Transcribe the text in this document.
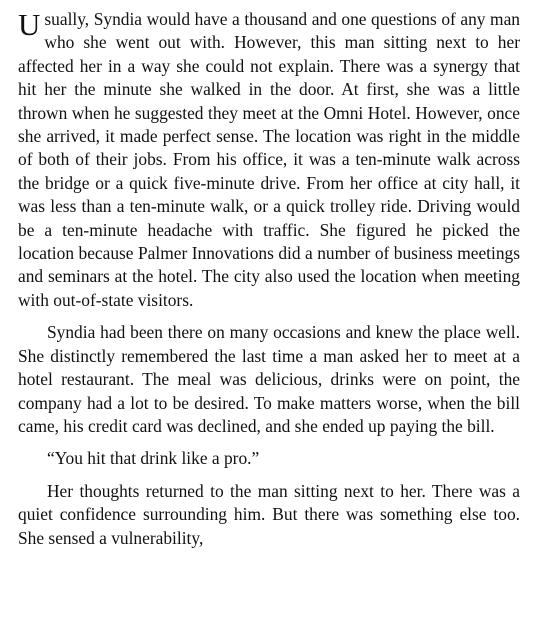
Usually, Syndia would have a thousand and one questions of any man who she went out with. However, this man sitting next to her affected her in a way she could not explain. There was a synergy that hit her the minute she walked in the door. At first, she was a little thrown when he suggested they meet at the Omni Hotel. However, once she arrived, it made perfect sense. The location was right in the middle of both of their jobs. From his office, it was a ten-minute walk across the bridge or a quick five-minute drive. From her office at city hall, it was less than a ten-minute walk, or a quick trolley ride. Driving would be a ten-minute headache with traffic. She figured he picked the location because Palmer Innovations did a number of business meetings and seminars at the hotel. The city also used the location when meeting with out-of-state visitors.

Syndia had been there on many occasions and knew the place well. She distinctly remembered the last time a man asked her to meet at a hotel restaurant. The meal was delicious, drinks were on point, the company had a lot to be desired. To make matters worse, when the bill came, his credit card was declined, and she ended up paying the bill.

“You hit that drink like a pro.”

Her thoughts returned to the man sitting next to her. There was a quiet confidence surrounding him. But there was something else too. She sensed a vulnerability,
